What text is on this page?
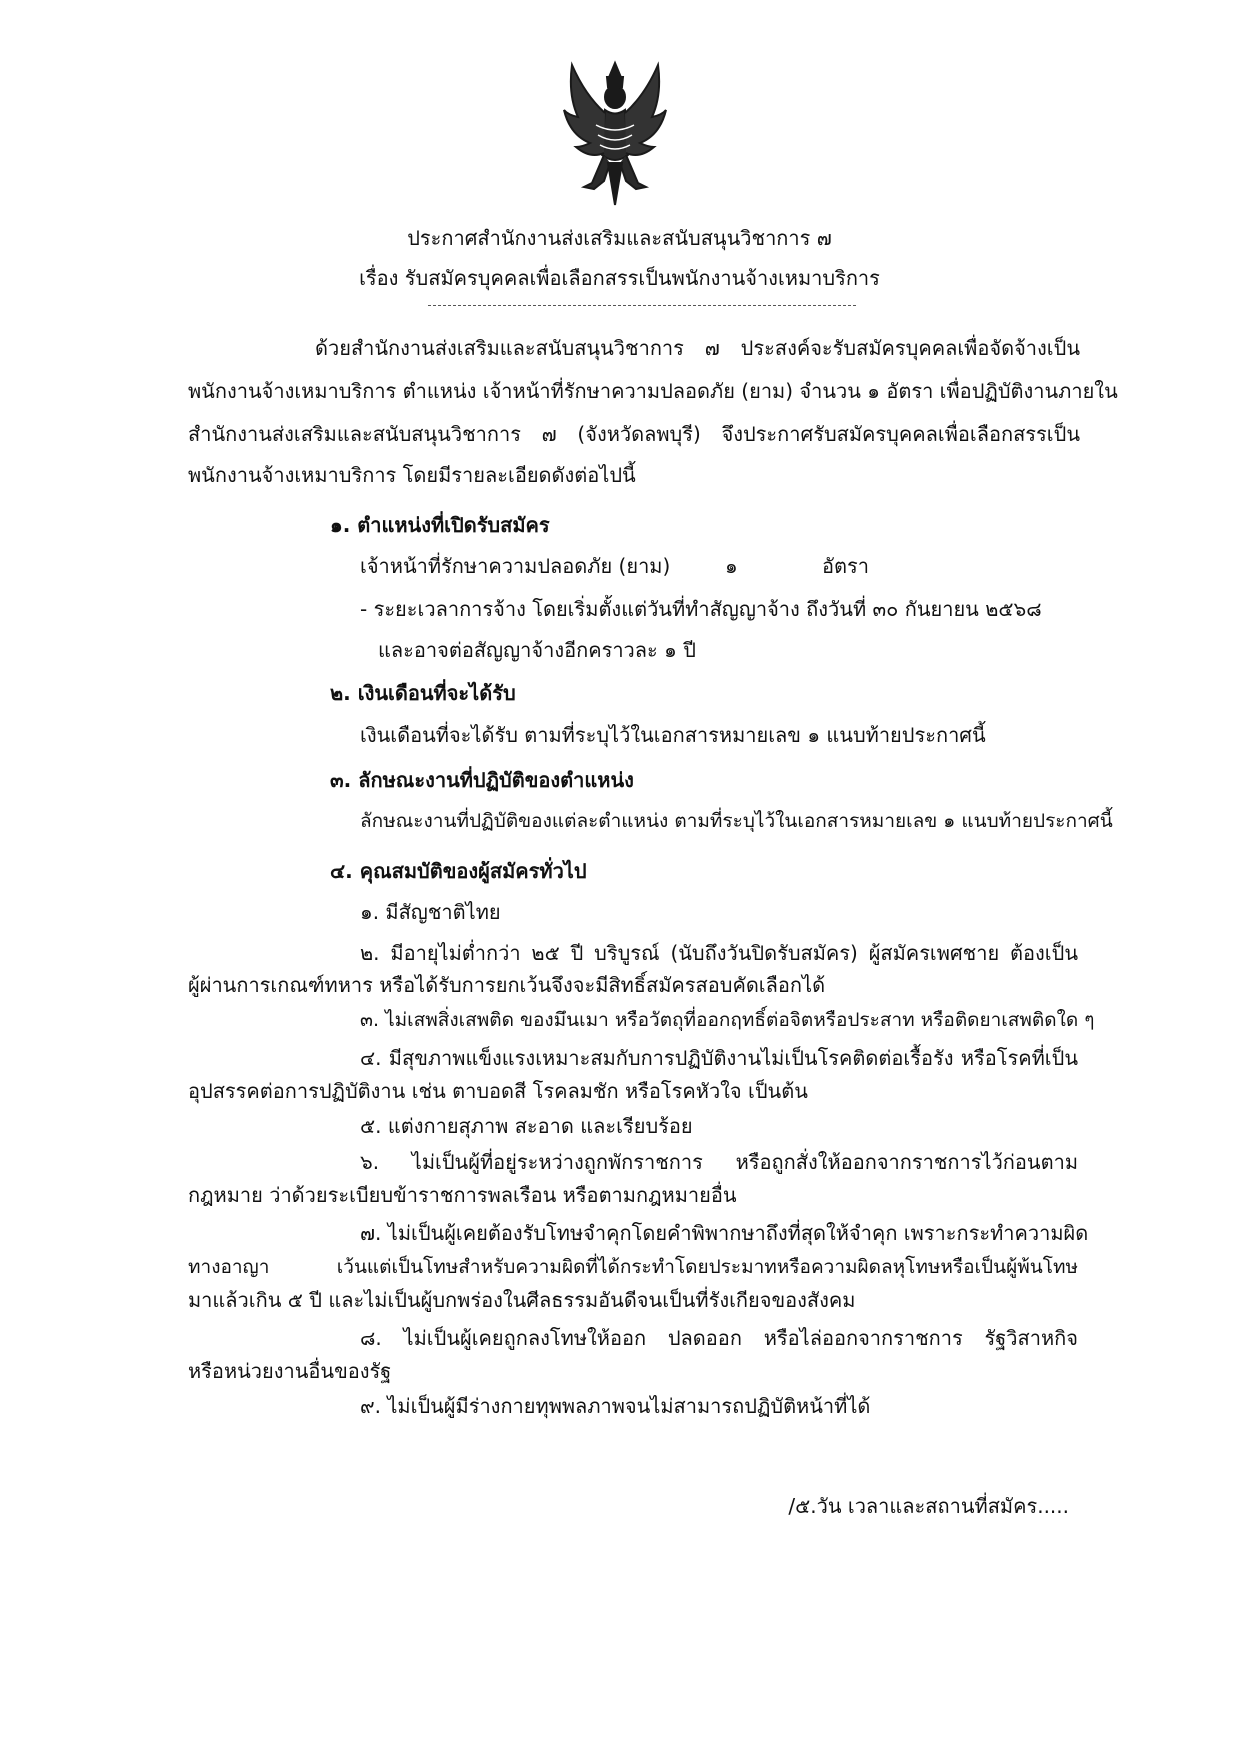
ประกาศสำนักงานส่งเสริมและสนับสนุนวิชาการ ๗
เรื่อง รับสมัครบุคคลเพื่อเลือกสรรเป็นพนักงานจ้างเหมาบริการ
ด้วยสำนักงานส่งเสริมและสนับสนุนวิชาการ ๗ ประสงค์จะรับสมัครบุคคลเพื่อจัดจ้างเป็น
พนักงานจ้างเหมาบริการ ตำแหน่ง เจ้าหน้าที่รักษาความปลอดภัย (ยาม) จำนวน ๑ อัตรา เพื่อปฏิบัติงานภายใน
สำนักงานส่งเสริมและสนับสนุนวิชาการ ๗ (จังหวัดลพบุรี) จึงประกาศรับสมัครบุคคลเพื่อเลือกสรรเป็น
พนักงานจ้างเหมาบริการ โดยมีรายละเอียดดังต่อไปนี้
๑. ตำแหน่งที่เปิดรับสมัคร
เจ้าหน้าที่รักษาความปลอดภัย (ยาม)	๑	อัตรา
- ระยะเวลาการจ้าง โดยเริ่มตั้งแต่วันที่ทำสัญญาจ้าง ถึงวันที่ ๓๐ กันยายน ๒๕๖๘
และอาจต่อสัญญาจ้างอีกคราวละ ๑ ปี
๒. เงินเดือนที่จะได้รับ
เงินเดือนที่จะได้รับ ตามที่ระบุไว้ในเอกสารหมายเลข ๑ แนบท้ายประกาศนี้
๓. ลักษณะงานที่ปฏิบัติของตำแหน่ง
ลักษณะงานที่ปฏิบัติของแต่ละตำแหน่ง ตามที่ระบุไว้ในเอกสารหมายเลข ๑ แนบท้ายประกาศนี้
๔. คุณสมบัติของผู้สมัครทั่วไป
๑. มีสัญชาติไทย
๒. มีอายุไม่ต่ำกว่า ๒๕ ปี บริบูรณ์ (นับถึงวันปิดรับสมัคร) ผู้สมัครเพศชาย ต้องเป็น
ผู้ผ่านการเกณฑ์ทหาร หรือได้รับการยกเว้นจึงจะมีสิทธิ์สมัครสอบคัดเลือกได้
๓. ไม่เสพสิ่งเสพติด ของมึนเมา หรือวัตถุที่ออกฤทธิ์ต่อจิตหรือประสาท หรือติดยาเสพติดใด ๆ
๔. มีสุขภาพแข็งแรงเหมาะสมกับการปฏิบัติงานไม่เป็นโรคติดต่อเรื้อรัง หรือโรคที่เป็น
อุปสรรคต่อการปฏิบัติงาน เช่น ตาบอดสี โรคลมชัก หรือโรคหัวใจ เป็นต้น
๕. แต่งกายสุภาพ สะอาด และเรียบร้อย
๖. ไม่เป็นผู้ที่อยู่ระหว่างถูกพักราชการ หรือถูกสั่งให้ออกจากราชการไว้ก่อนตาม
กฎหมาย ว่าด้วยระเบียบข้าราชการพลเรือน หรือตามกฎหมายอื่น
๗. ไม่เป็นผู้เคยต้องรับโทษจำคุกโดยคำพิพากษาถึงที่สุดให้จำคุก เพราะกระทำความผิด
ทางอาญา เว้นแต่เป็นโทษสำหรับความผิดที่ได้กระทำโดยประมาทหรือความผิดลหุโทษหรือเป็นผู้พ้นโทษ
มาแล้วเกิน ๕ ปี และไม่เป็นผู้บกพร่องในศีลธรรมอันดีจนเป็นที่รังเกียจของสังคม
๘. ไม่เป็นผู้เคยถูกลงโทษให้ออก ปลดออก หรือไล่ออกจากราชการ รัฐวิสาหกิจ
หรือหน่วยงานอื่นของรัฐ
๙. ไม่เป็นผู้มีร่างกายทุพพลภาพจนไม่สามารถปฏิบัติหน้าที่ได้
/๕.วัน เวลาและสถานที่สมัคร.....
